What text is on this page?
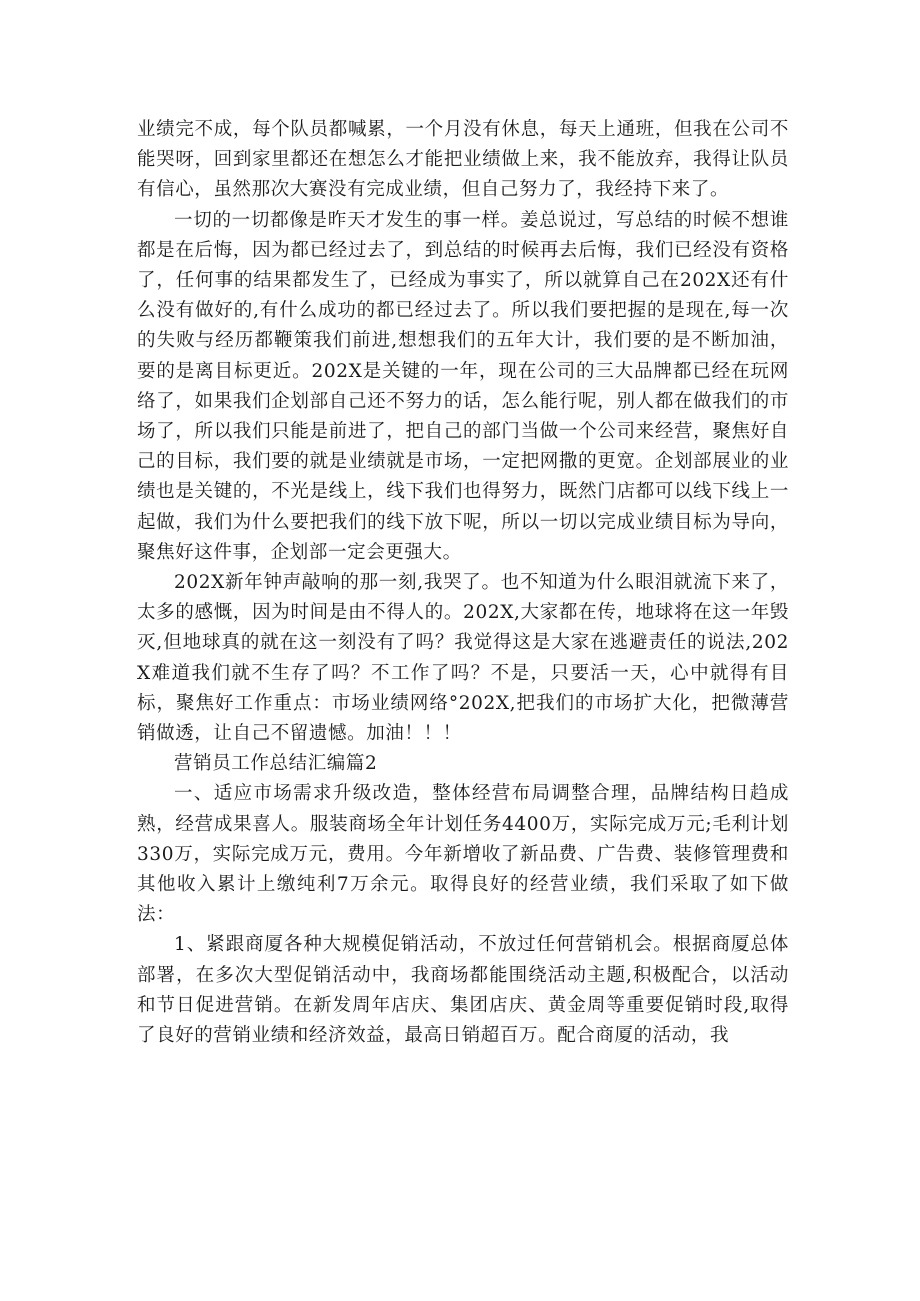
业绩完不成，每个队员都喊累，一个月没有休息，每天上通班，但我在公司不能哭呀，回到家里都还在想怎么才能把业绩做上来，我不能放弃，我得让队员有信心，虽然那次大赛没有完成业绩，但自己努力了，我经持下来了。

一切的一切都像是昨天才发生的事一样。姜总说过，写总结的时候不想谁都是在后悔，因为都已经过去了，到总结的时候再去后悔，我们已经没有资格了，任何事的结果都发生了，已经成为事实了，所以就算自己在202X还有什么没有做好的,有什么成功的都已经过去了。所以我们要把握的是现在,每一次的失败与经历都鞭策我们前进,想想我们的五年大计，我们要的是不断加油，要的是离目标更近。202X是关键的一年，现在公司的三大品牌都已经在玩网络了，如果我们企划部自己还不努力的话，怎么能行呢，别人都在做我们的市场了，所以我们只能是前进了，把自己的部门当做一个公司来经营，聚焦好自己的目标，我们要的就是业绩就是市场，一定把网撒的更宽。企划部展业的业绩也是关键的，不光是线上，线下我们也得努力，既然门店都可以线下线上一起做，我们为什么要把我们的线下放下呢，所以一切以完成业绩目标为导向，聚焦好这件事，企划部一定会更强大。

202X新年钟声敲响的那一刻,我哭了。也不知道为什么眼泪就流下来了，太多的感慨，因为时间是由不得人的。202X,大家都在传，地球将在这一年毁灭,但地球真的就在这一刻没有了吗？我觉得这是大家在逃避责任的说法,202X难道我们就不生存了吗？不工作了吗？不是，只要活一天，心中就得有目标，聚焦好工作重点：市场业绩网络°202X,把我们的市场扩大化，把微薄营销做透，让自己不留遗憾。加油！！！

营销员工作总结汇编篇2

一、适应市场需求升级改造，整体经营布局调整合理，品牌结构日趋成熟，经营成果喜人。服装商场全年计划任务4400万，实际完成万元;毛利计划330万，实际完成万元，费用。今年新增收了新品费、广告费、装修管理费和其他收入累计上缴纯利7万余元。取得良好的经营业绩，我们采取了如下做法：

1、紧跟商厦各种大规模促销活动，不放过任何营销机会。根据商厦总体部署，在多次大型促销活动中，我商场都能围绕活动主题,积极配合，以活动和节日促进营销。在新发周年店庆、集团店庆、黄金周等重要促销时段,取得了良好的营销业绩和经济效益，最高日销超百万。配合商厦的活动，我
